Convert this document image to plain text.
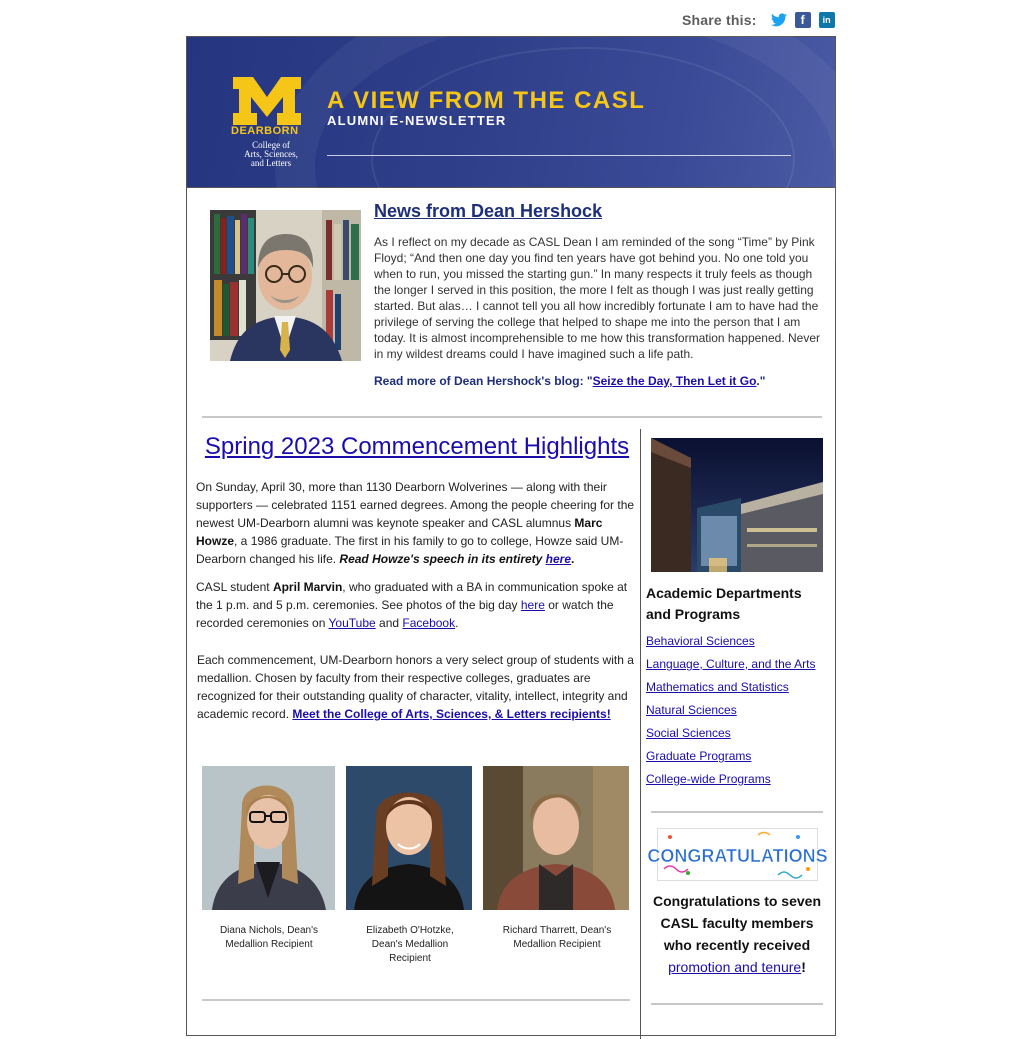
Share this:	f	in
DEARBORN
College of
Arts, Sciences,
and Letters
A VIEW FROM THE CASL
ALUMNI E-NEWSLETTER
News from Dean Hershock
As I reflect on my decade as CASL Dean I am reminded of the song “Time” by Pink Floyd; “And then one day you find ten years have got behind you. No one told you when to run, you missed the starting gun.” In many respects it truly feels as though the longer I served in this position, the more I felt as though I was just really getting started. But alas… I cannot tell you all how incredibly fortunate I am to have had the privilege of serving the college that helped to shape me into the person that I am today. It is almost incomprehensible to me how this transformation happened. Never in my wildest dreams could I have imagined such a life path.
Read more of Dean Hershock's blog: "Seize the Day, Then Let it Go."
Spring 2023 Commencement Highlights
On Sunday, April 30, more than 1130 Dearborn Wolverines — along with their supporters — celebrated 1151 earned degrees. Among the people cheering for the newest UM-Dearborn alumni was keynote speaker and CASL alumnus Marc Howze, a 1986 graduate. The first in his family to go to college, Howze said UM-Dearborn changed his life. Read Howze's speech in its entirety here.
CASL student April Marvin, who graduated with a BA in communication spoke at the 1 p.m. and 5 p.m. ceremonies. See photos of the big day here or watch the recorded ceremonies on YouTube and Facebook.
Each commencement, UM-Dearborn honors a very select group of students with a medallion. Chosen by faculty from their respective colleges, graduates are recognized for their outstanding quality of character, vitality, intellect, integrity and academic record. Meet the College of Arts, Sciences, & Letters recipients!
Diana Nichols, Dean's Medallion Recipient
Elizabeth O'Hotzke, Dean's Medallion Recipient
Richard Tharrett, Dean's Medallion Recipient
Academic Departments and Programs
Behavioral Sciences
Language, Culture, and the Arts
Mathematics and Statistics
Natural Sciences
Social Sciences
Graduate Programs
College-wide Programs
CONGRATULATIONS
Congratulations to seven CASL faculty members who recently received promotion and tenure!
